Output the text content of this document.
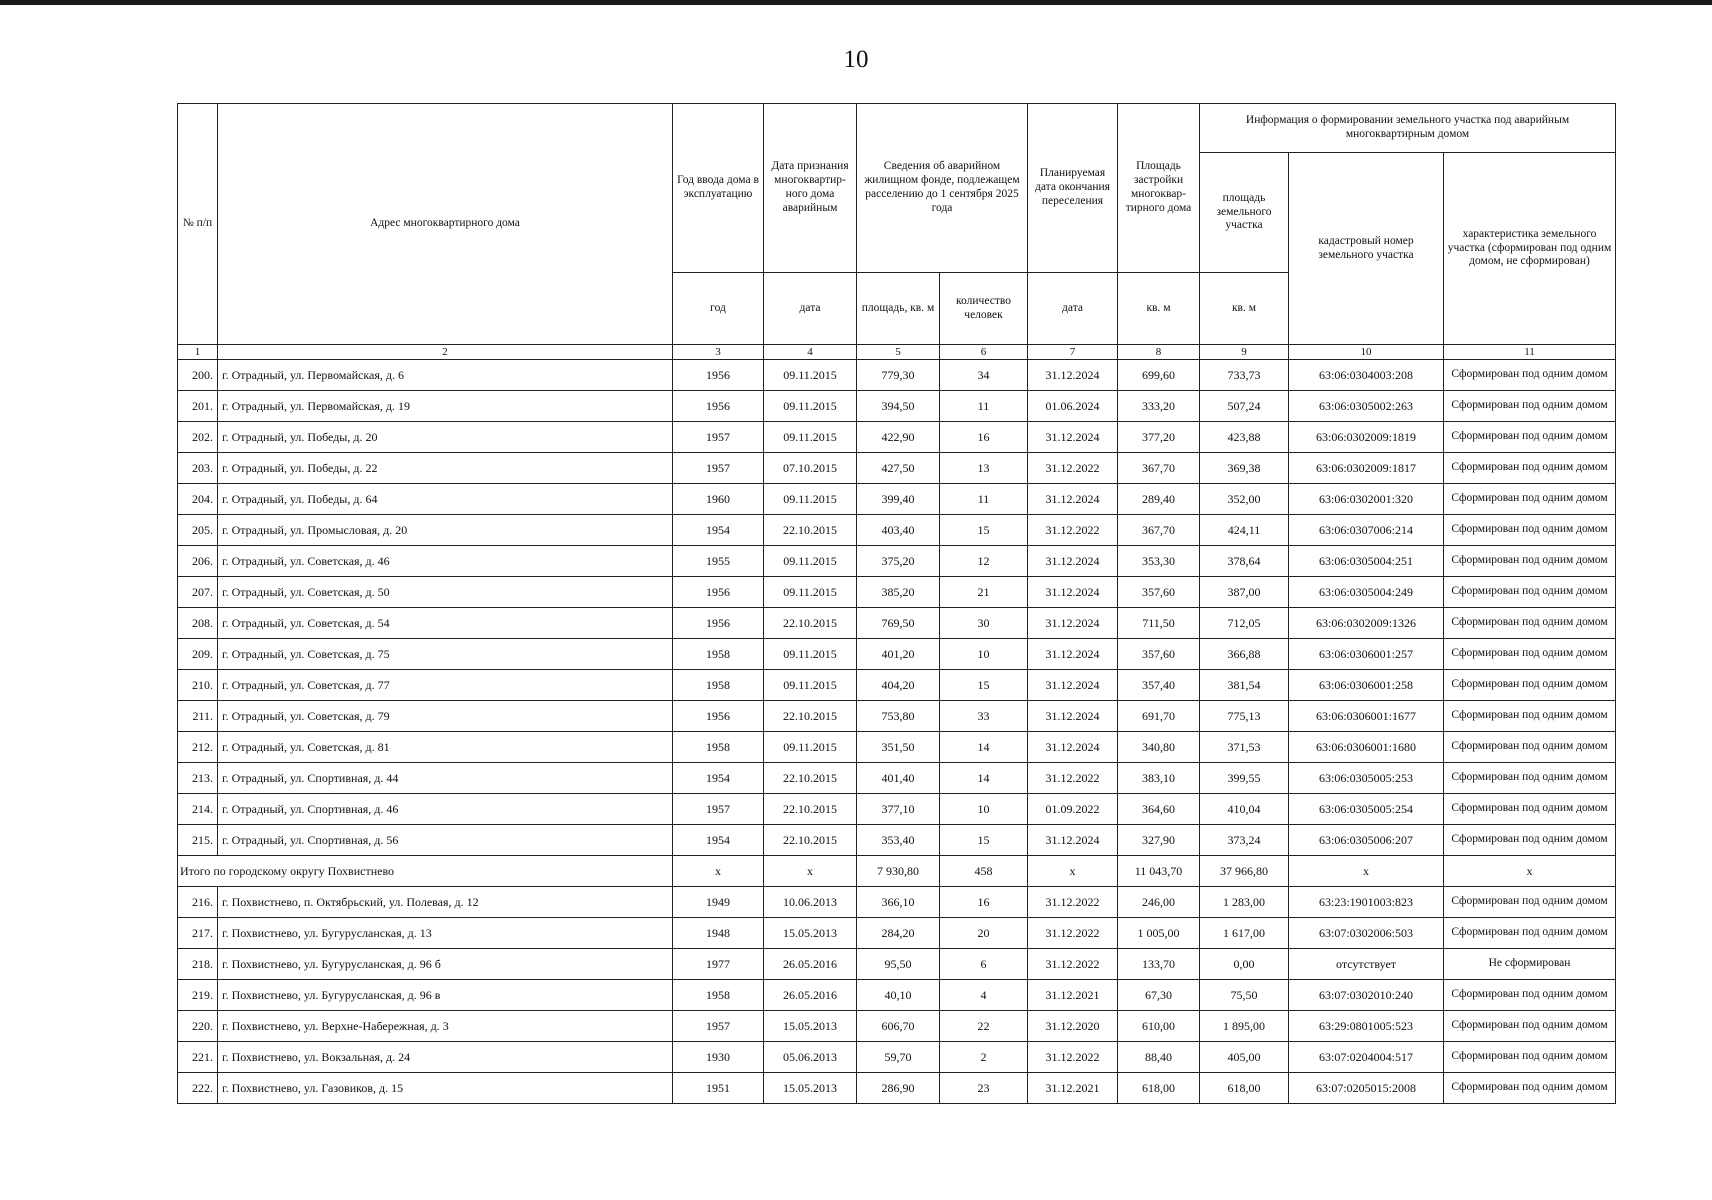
10
№ п/п	Адрес многоквартирного дома	Год ввода дома в эксплуатацию	Дата признания многоквартир-ного дома аварийным	Сведения об аварийном жилищном фонде, подлежащем расселению до 1 сентября 2025 года		Планируемая дата окончания переселения	Площадь застройки многоквар-тирного дома	Информация о формировании земельного участка под аварийным многоквартирным домом		
								площадь земельного участка	кадастровый номер земельного участка	характеристика земельного участка (сформирован под одним домом, не сформирован)
		год	дата	площадь, кв. м	количество человек	дата	кв. м	кв. м		
1	2	3	4	5	6	7	8	9	10	11
200.	г. Отрадный, ул. Первомайская, д. 6	1956	09.11.2015	779,30	34	31.12.2024	699,60	733,73	63:06:0304003:208	Сформирован под одним домом
201.	г. Отрадный, ул. Первомайская, д. 19	1956	09.11.2015	394,50	11	01.06.2024	333,20	507,24	63:06:0305002:263	Сформирован под одним домом
202.	г. Отрадный, ул. Победы, д. 20	1957	09.11.2015	422,90	16	31.12.2024	377,20	423,88	63:06:0302009:1819	Сформирован под одним домом
203.	г. Отрадный, ул. Победы, д. 22	1957	07.10.2015	427,50	13	31.12.2022	367,70	369,38	63:06:0302009:1817	Сформирован под одним домом
204.	г. Отрадный, ул. Победы, д. 64	1960	09.11.2015	399,40	11	31.12.2024	289,40	352,00	63:06:0302001:320	Сформирован под одним домом
205.	г. Отрадный, ул. Промысловая, д. 20	1954	22.10.2015	403,40	15	31.12.2022	367,70	424,11	63:06:0307006:214	Сформирован под одним домом
206.	г. Отрадный, ул. Советская, д. 46	1955	09.11.2015	375,20	12	31.12.2024	353,30	378,64	63:06:0305004:251	Сформирован под одним домом
207.	г. Отрадный, ул. Советская, д. 50	1956	09.11.2015	385,20	21	31.12.2024	357,60	387,00	63:06:0305004:249	Сформирован под одним домом
208.	г. Отрадный, ул. Советская, д. 54	1956	22.10.2015	769,50	30	31.12.2024	711,50	712,05	63:06:0302009:1326	Сформирован под одним домом
209.	г. Отрадный, ул. Советская, д. 75	1958	09.11.2015	401,20	10	31.12.2024	357,60	366,88	63:06:0306001:257	Сформирован под одним домом
210.	г. Отрадный, ул. Советская, д. 77	1958	09.11.2015	404,20	15	31.12.2024	357,40	381,54	63:06:0306001:258	Сформирован под одним домом
211.	г. Отрадный, ул. Советская, д. 79	1956	22.10.2015	753,80	33	31.12.2024	691,70	775,13	63:06:0306001:1677	Сформирован под одним домом
212.	г. Отрадный, ул. Советская, д. 81	1958	09.11.2015	351,50	14	31.12.2024	340,80	371,53	63:06:0306001:1680	Сформирован под одним домом
213.	г. Отрадный, ул. Спортивная, д. 44	1954	22.10.2015	401,40	14	31.12.2022	383,10	399,55	63:06:0305005:253	Сформирован под одним домом
214.	г. Отрадный, ул. Спортивная, д. 46	1957	22.10.2015	377,10	10	01.09.2022	364,60	410,04	63:06:0305005:254	Сформирован под одним домом
215.	г. Отрадный, ул. Спортивная, д. 56	1954	22.10.2015	353,40	15	31.12.2024	327,90	373,24	63:06:0305006:207	Сформирован под одним домом
Итого по городскому округу Похвистнево		x	x	7 930,80	458	x	11 043,70	37 966,80	x	x
216.	г. Похвистнево, п. Октябрьский, ул. Полевая, д. 12	1949	10.06.2013	366,10	16	31.12.2022	246,00	1 283,00	63:23:1901003:823	Сформирован под одним домом
217.	г. Похвистнево, ул. Бугурусланская, д. 13	1948	15.05.2013	284,20	20	31.12.2022	1 005,00	1 617,00	63:07:0302006:503	Сформирован под одним домом
218.	г. Похвистнево, ул. Бугурусланская, д. 96 б	1977	26.05.2016	95,50	6	31.12.2022	133,70	0,00	отсутствует	Не сформирован
219.	г. Похвистнево, ул. Бугурусланская, д. 96 в	1958	26.05.2016	40,10	4	31.12.2021	67,30	75,50	63:07:0302010:240	Сформирован под одним домом
220.	г. Похвистнево, ул. Верхне-Набережная, д. 3	1957	15.05.2013	606,70	22	31.12.2020	610,00	1 895,00	63:29:0801005:523	Сформирован под одним домом
221.	г. Похвистнево, ул. Вокзальная, д. 24	1930	05.06.2013	59,70	2	31.12.2022	88,40	405,00	63:07:0204004:517	Сформирован под одним домом
222.	г. Похвистнево, ул. Газовиков, д. 15	1951	15.05.2013	286,90	23	31.12.2021	618,00	618,00	63:07:0205015:2008	Сформирован под одним домом
